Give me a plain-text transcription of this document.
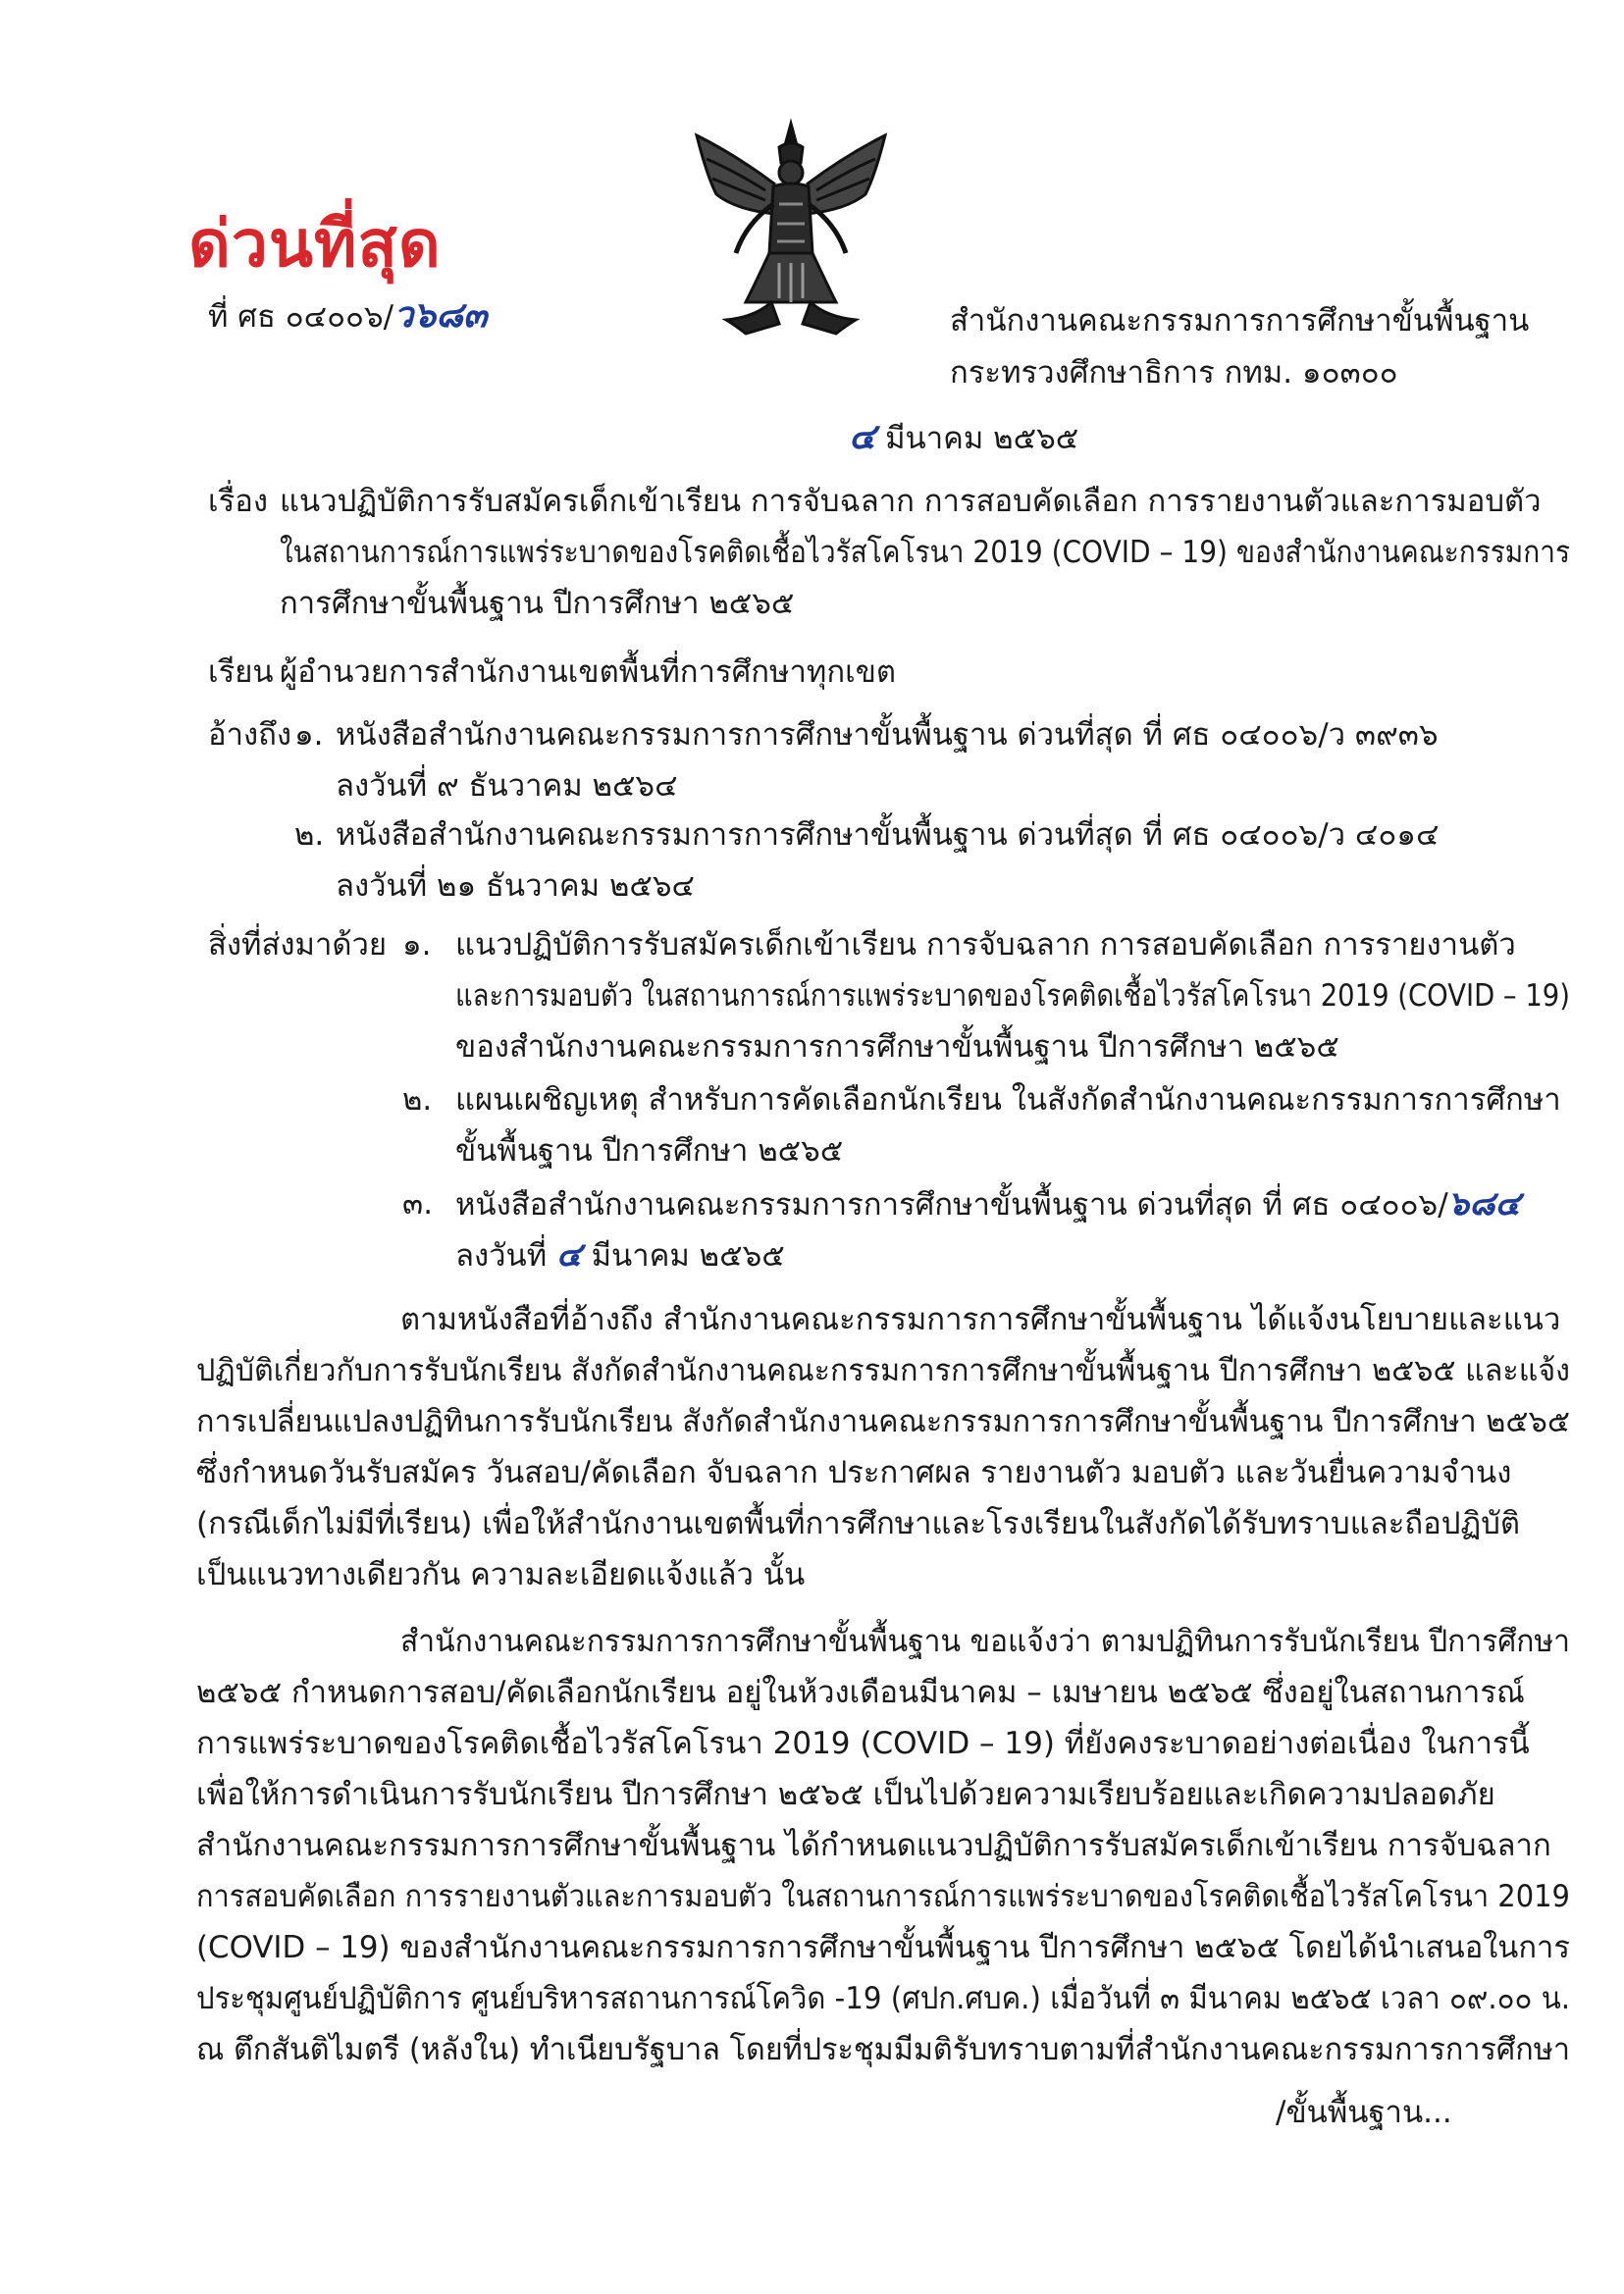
ด่วนที่สุด
ที่ ศธ ๐๔๐๐๖/ว๖๘๓	สำนักงานคณะกรรมการการศึกษาขั้นพื้นฐาน
กระทรวงศึกษาธิการ กทม. ๑๐๓๐๐
๔ มีนาคม ๒๕๖๕
เรื่อง แนวปฏิบัติการรับสมัครเด็กเข้าเรียน การจับฉลาก การสอบคัดเลือก การรายงานตัวและการมอบตัว
ในสถานการณ์การแพร่ระบาดของโรคติดเชื้อไวรัสโคโรนา 2019 (COVID – 19) ของสำนักงานคณะกรรมการ
การศึกษาขั้นพื้นฐาน ปีการศึกษา ๒๕๖๕
เรียน ผู้อำนวยการสำนักงานเขตพื้นที่การศึกษาทุกเขต
อ้างถึง ๑. หนังสือสำนักงานคณะกรรมการการศึกษาขั้นพื้นฐาน ด่วนที่สุด ที่ ศธ ๐๔๐๐๖/ว ๓๙๓๖
ลงวันที่ ๙ ธันวาคม ๒๕๖๔
๒. หนังสือสำนักงานคณะกรรมการการศึกษาขั้นพื้นฐาน ด่วนที่สุด ที่ ศธ ๐๔๐๐๖/ว ๔๐๑๔
ลงวันที่ ๒๑ ธันวาคม ๒๕๖๔
สิ่งที่ส่งมาด้วย ๑. แนวปฏิบัติการรับสมัครเด็กเข้าเรียน การจับฉลาก การสอบคัดเลือก การรายงานตัว
และการมอบตัว ในสถานการณ์การแพร่ระบาดของโรคติดเชื้อไวรัสโคโรนา 2019 (COVID – 19)
ของสำนักงานคณะกรรมการการศึกษาขั้นพื้นฐาน ปีการศึกษา ๒๕๖๕
๒. แผนเผชิญเหตุ สำหรับการคัดเลือกนักเรียน ในสังกัดสำนักงานคณะกรรมการการศึกษา
ขั้นพื้นฐาน ปีการศึกษา ๒๕๖๕
๓. หนังสือสำนักงานคณะกรรมการการศึกษาขั้นพื้นฐาน ด่วนที่สุด ที่ ศธ ๐๔๐๐๖/๖๘๔
ลงวันที่ ๔ มีนาคม ๒๕๖๕
ตามหนังสือที่อ้างถึง สำนักงานคณะกรรมการการศึกษาขั้นพื้นฐาน ได้แจ้งนโยบายและแนว
ปฏิบัติเกี่ยวกับการรับนักเรียน สังกัดสำนักงานคณะกรรมการการศึกษาขั้นพื้นฐาน ปีการศึกษา ๒๕๖๕ และแจ้ง
การเปลี่ยนแปลงปฏิทินการรับนักเรียน สังกัดสำนักงานคณะกรรมการการศึกษาขั้นพื้นฐาน ปีการศึกษา ๒๕๖๕
ซึ่งกำหนดวันรับสมัคร วันสอบ/คัดเลือก จับฉลาก ประกาศผล รายงานตัว มอบตัว และวันยื่นความจำนง
(กรณีเด็กไม่มีที่เรียน) เพื่อให้สำนักงานเขตพื้นที่การศึกษาและโรงเรียนในสังกัดได้รับทราบและถือปฏิบัติ
เป็นแนวทางเดียวกัน ความละเอียดแจ้งแล้ว นั้น
สำนักงานคณะกรรมการการศึกษาขั้นพื้นฐาน ขอแจ้งว่า ตามปฏิทินการรับนักเรียน ปีการศึกษา
๒๕๖๕ กำหนดการสอบ/คัดเลือกนักเรียน อยู่ในห้วงเดือนมีนาคม – เมษายน ๒๕๖๕ ซึ่งอยู่ในสถานการณ์
การแพร่ระบาดของโรคติดเชื้อไวรัสโคโรนา 2019 (COVID – 19) ที่ยังคงระบาดอย่างต่อเนื่อง ในการนี้
เพื่อให้การดำเนินการรับนักเรียน ปีการศึกษา ๒๕๖๕ เป็นไปด้วยความเรียบร้อยและเกิดความปลอดภัย
สำนักงานคณะกรรมการการศึกษาขั้นพื้นฐาน ได้กำหนดแนวปฏิบัติการรับสมัครเด็กเข้าเรียน การจับฉลาก
การสอบคัดเลือก การรายงานตัวและการมอบตัว ในสถานการณ์การแพร่ระบาดของโรคติดเชื้อไวรัสโคโรนา 2019
(COVID – 19) ของสำนักงานคณะกรรมการการศึกษาขั้นพื้นฐาน ปีการศึกษา ๒๕๖๕ โดยได้นำเสนอในการ
ประชุมศูนย์ปฏิบัติการ ศูนย์บริหารสถานการณ์โควิด -19 (ศปก.ศบค.) เมื่อวันที่ ๓ มีนาคม ๒๕๖๕ เวลา ๐๙.๐๐ น.
ณ ตึกสันติไมตรี (หลังใน) ทำเนียบรัฐบาล โดยที่ประชุมมีมติรับทราบตามที่สำนักงานคณะกรรมการการศึกษา
/ขั้นพื้นฐาน...
